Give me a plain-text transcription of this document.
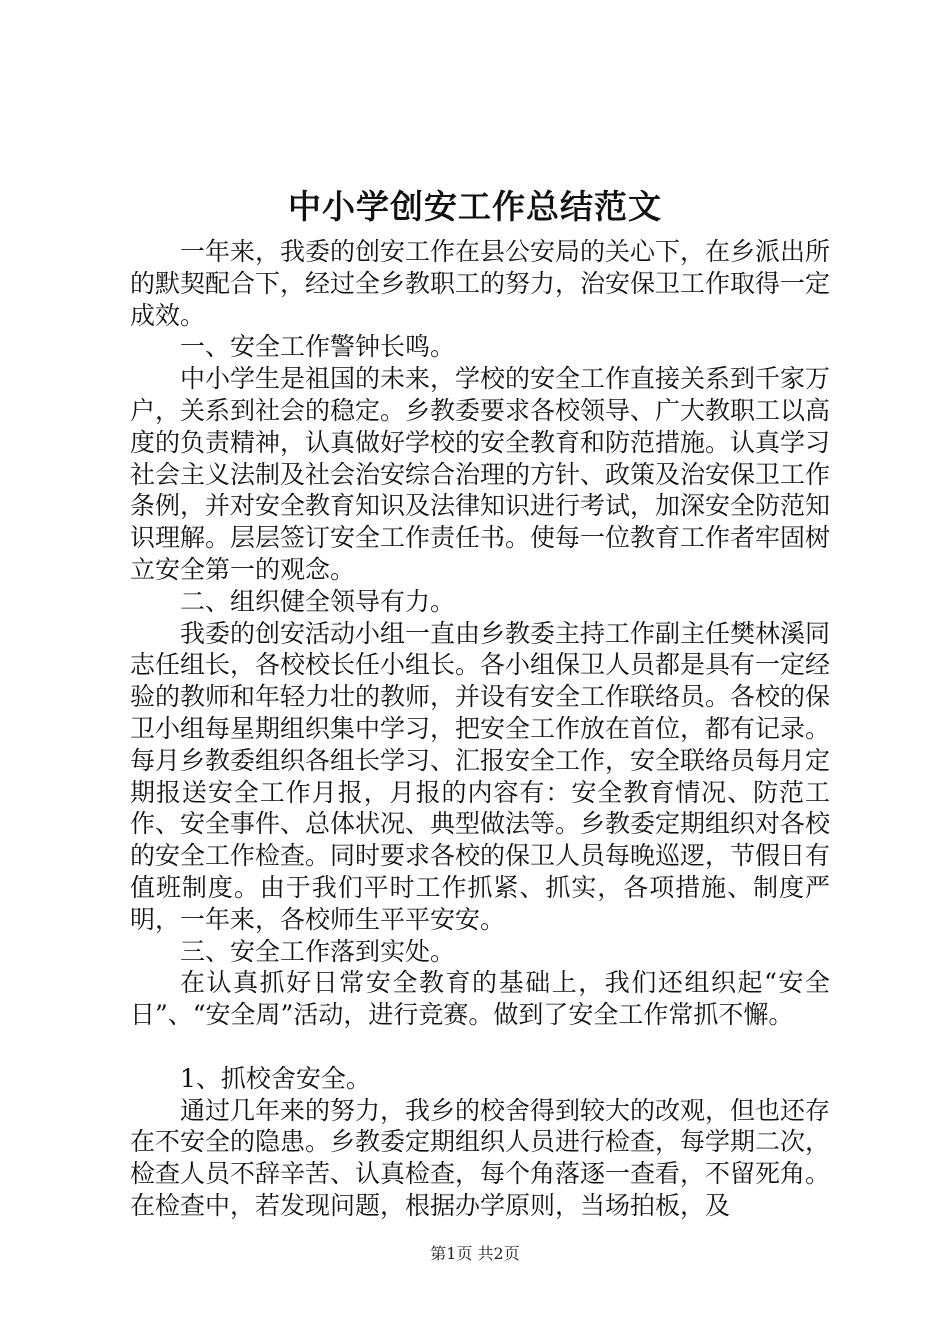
中小学创安工作总结范文

一年来，我委的创安工作在县公安局的关心下，在乡派出所的默契配合下，经过全乡教职工的努力，治安保卫工作取得一定成效。

一、安全工作警钟长鸣。

中小学生是祖国的未来，学校的安全工作直接关系到千家万户，关系到社会的稳定。乡教委要求各校领导、广大教职工以高度的负责精神，认真做好学校的安全教育和防范措施。认真学习社会主义法制及社会治安综合治理的方针、政策及治安保卫工作条例，并对安全教育知识及法律知识进行考试，加深安全防范知识理解。层层签订安全工作责任书。使每一位教育工作者牢固树立安全第一的观念。

二、组织健全领导有力。

我委的创安活动小组一直由乡教委主持工作副主任樊林溪同志任组长，各校校长任小组长。各小组保卫人员都是具有一定经验的教师和年轻力壮的教师，并设有安全工作联络员。各校的保卫小组每星期组织集中学习，把安全工作放在首位，都有记录。每月乡教委组织各组长学习、汇报安全工作，安全联络员每月定期报送安全工作月报，月报的内容有：安全教育情况、防范工作、安全事件、总体状况、典型做法等。乡教委定期组织对各校的安全工作检查。同时要求各校的保卫人员每晚巡逻，节假日有值班制度。由于我们平时工作抓紧、抓实，各项措施、制度严明，一年来，各校师生平平安安。

三、安全工作落到实处。

在认真抓好日常安全教育的基础上，我们还组织起“安全日”、“安全周”活动，进行竞赛。做到了安全工作常抓不懈。

1、抓校舍安全。

通过几年来的努力，我乡的校舍得到较大的改观，但也还存在不安全的隐患。乡教委定期组织人员进行检查，每学期二次，检查人员不辞辛苦、认真检查，每个角落逐一查看，不留死角。在检查中，若发现问题，根据办学原则，当场拍板，及

第1页 共2页
